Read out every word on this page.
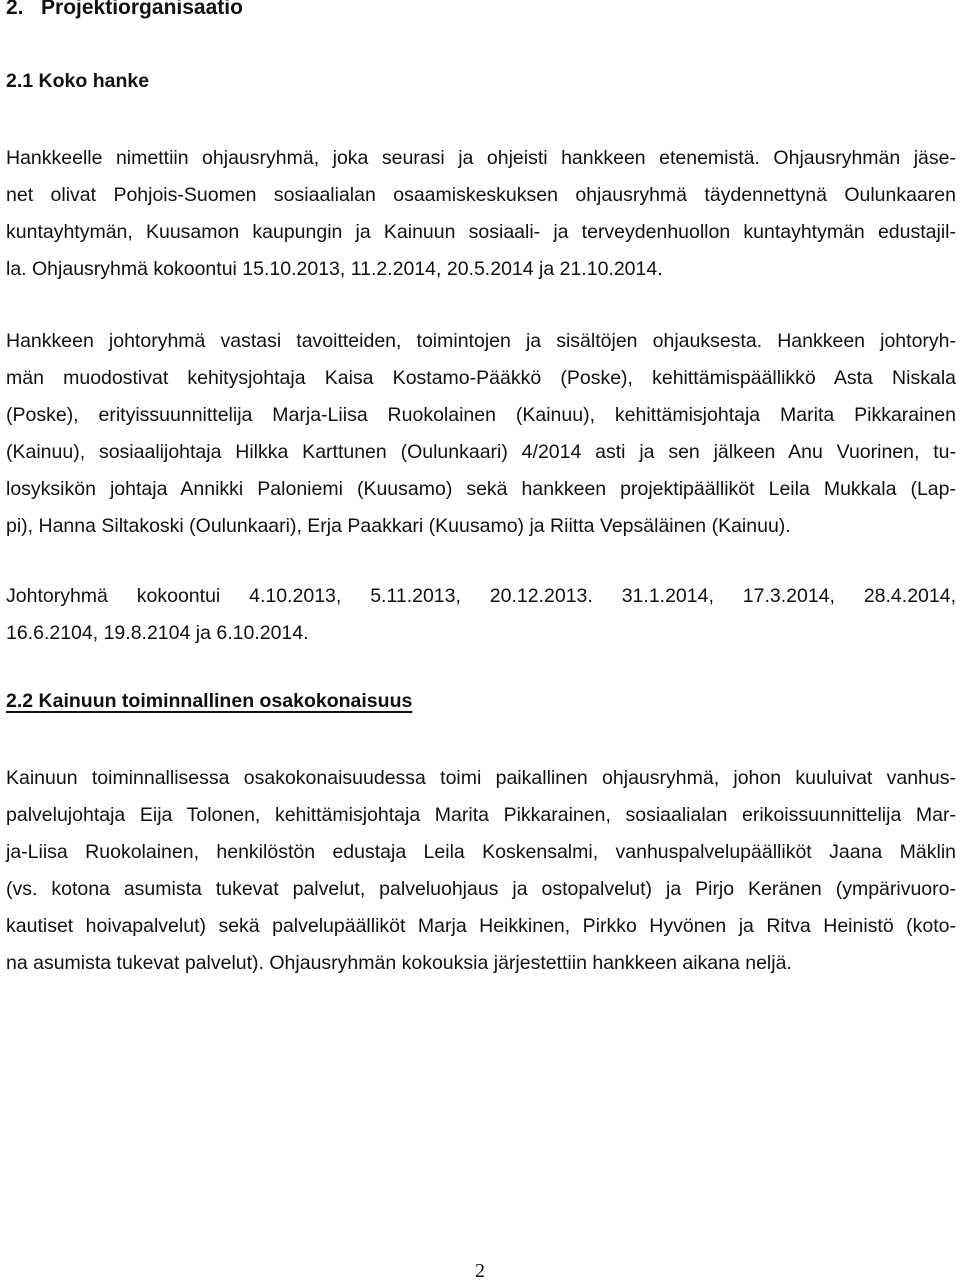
2. Projektiorganisaatio
2.1 Koko hanke
Hankkeelle nimettiin ohjausryhmä, joka seurasi ja ohjeisti hankkeen etenemistä. Ohjausryhmän jäse-
net olivat Pohjois-Suomen sosiaalialan osaamiskeskuksen ohjausryhmä täydennettynä Oulunkaaren
kuntayhtymän, Kuusamon kaupungin ja Kainuun sosiaali- ja terveydenhuollon kuntayhtymän edustajil-
la. Ohjausryhmä kokoontui 15.10.2013, 11.2.2014, 20.5.2014 ja 21.10.2014.
Hankkeen johtoryhmä vastasi tavoitteiden, toimintojen ja sisältöjen ohjauksesta. Hankkeen johtoryh-
män muodostivat kehitysjohtaja Kaisa Kostamo-Pääkkö (Poske), kehittämispäällikkö Asta Niskala
(Poske), erityissuunnittelija Marja-Liisa Ruokolainen (Kainuu), kehittämisjohtaja Marita Pikkarainen
(Kainuu), sosiaalijohtaja Hilkka Karttunen (Oulunkaari) 4/2014 asti ja sen jälkeen Anu Vuorinen, tu-
losyksikön johtaja Annikki Paloniemi (Kuusamo) sekä hankkeen projektipäälliköt Leila Mukkala (Lap-
pi), Hanna Siltakoski (Oulunkaari), Erja Paakkari (Kuusamo) ja Riitta Vepsäläinen (Kainuu).
Johtoryhmä kokoontui 4.10.2013, 5.11.2013, 20.12.2013. 31.1.2014, 17.3.2014, 28.4.2014,
16.6.2104, 19.8.2104 ja 6.10.2014.
2.2 Kainuun toiminnallinen osakokonaisuus
Kainuun toiminnallisessa osakokonaisuudessa toimi paikallinen ohjausryhmä, johon kuuluivat vanhus-
palvelujohtaja Eija Tolonen, kehittämisjohtaja Marita Pikkarainen, sosiaalialan erikoissuunnittelija Mar-
ja-Liisa Ruokolainen, henkilöstön edustaja Leila Koskensalmi, vanhuspalvelupäälliköt Jaana Mäklin
(vs. kotona asumista tukevat palvelut, palveluohjaus ja ostopalvelut) ja Pirjo Keränen (ympärivuoro-
kautiset hoivapalvelut) sekä palvelupäälliköt Marja Heikkinen, Pirkko Hyvönen ja Ritva Heinistö (koto-
na asumista tukevat palvelut). Ohjausryhmän kokouksia järjestettiin hankkeen aikana neljä.
2
